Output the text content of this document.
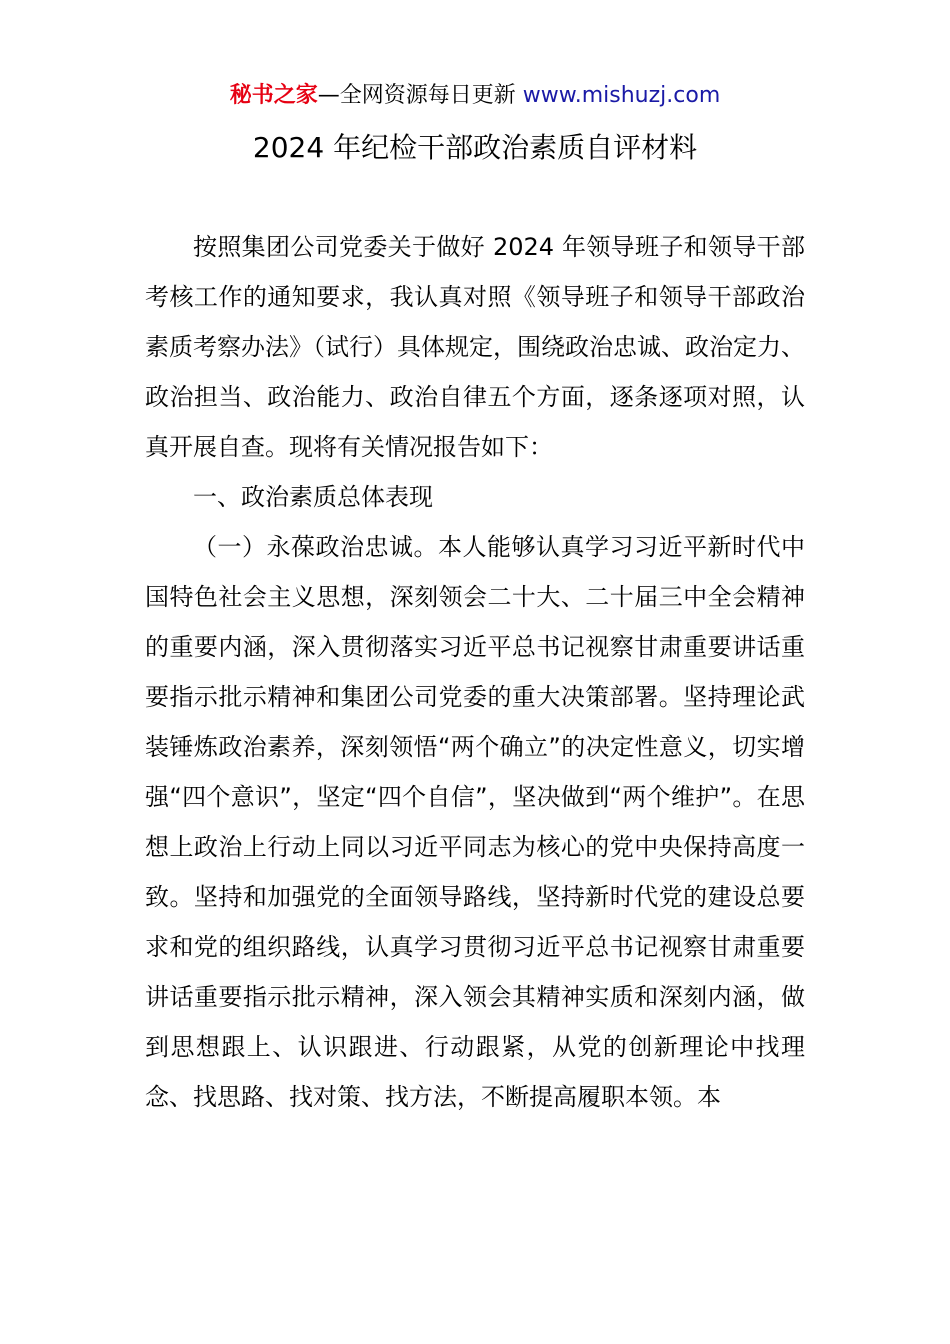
秘书之家—全网资源每日更新 www.mishuzj.com
2024 年纪检干部政治素质自评材料

按照集团公司党委关于做好 2024 年领导班子和领导干部考核工作的通知要求，我认真对照《领导班子和领导干部政治素质考察办法》（试行）具体规定，围绕政治忠诚、政治定力、政治担当、政治能力、政治自律五个方面，逐条逐项对照，认真开展自查。现将有关情况报告如下：

一、政治素质总体表现

（一）永葆政治忠诚。本人能够认真学习习近平新时代中国特色社会主义思想，深刻领会二十大、二十届三中全会精神的重要内涵，深入贯彻落实习近平总书记视察甘肃重要讲话重要指示批示精神和集团公司党委的重大决策部署。坚持理论武装锤炼政治素养，深刻领悟“两个确立”的决定性意义，切实增强“四个意识”，坚定“四个自信”，坚决做到“两个维护”。在思想上政治上行动上同以习近平同志为核心的党中央保持高度一致。坚持和加强党的全面领导路线，坚持新时代党的建设总要求和党的组织路线，认真学习贯彻习近平总书记视察甘肃重要讲话重要指示批示精神，深入领会其精神实质和深刻内涵，做到思想跟上、认识跟进、行动跟紧，从党的创新理论中找理念、找思路、找对策、找方法，不断提高履职本领。本
